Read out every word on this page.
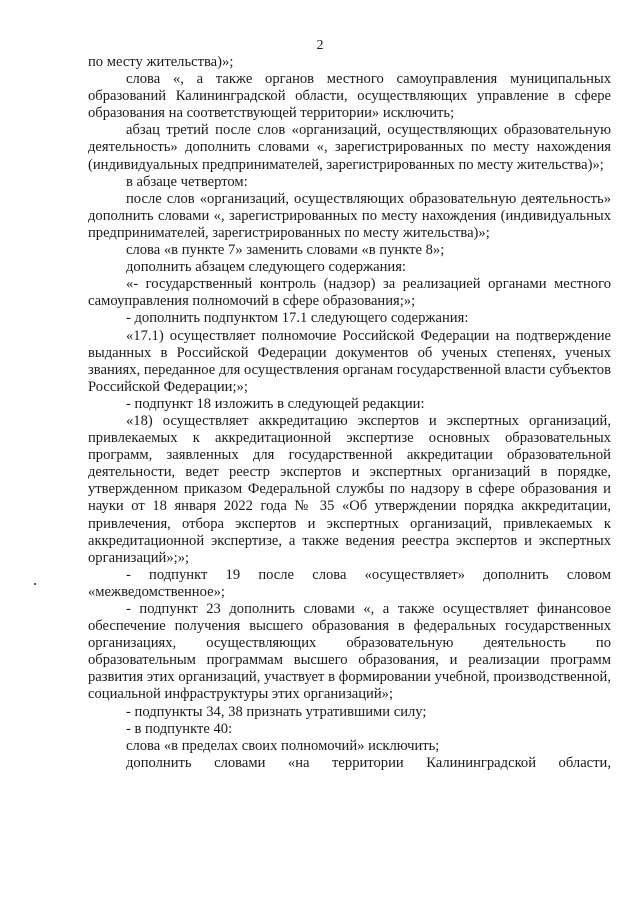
2

по месту жительства)»;

слова «, а также органов местного самоуправления муниципальных образований Калининградской области, осуществляющих управление в сфере образования на соответствующей территории» исключить;

абзац третий после слов «организаций, осуществляющих образовательную деятельность» дополнить словами «, зарегистрированных по месту нахождения (индивидуальных предпринимателей, зарегистрированных по месту жительства)»;

в абзаце четвертом:

после слов «организаций, осуществляющих образовательную деятельность» дополнить словами «, зарегистрированных по месту нахождения (индивидуальных предпринимателей, зарегистрированных по месту жительства)»;

слова «в пункте 7» заменить словами «в пункте 8»;

дополнить абзацем следующего содержания:

«- государственный контроль (надзор) за реализацией органами местного самоуправления полномочий в сфере образования;»;

- дополнить подпунктом 17.1 следующего содержания:

«17.1) осуществляет полномочие Российской Федерации на подтверждение выданных в Российской Федерации документов об ученых степенях, ученых званиях, переданное для осуществления органам государственной власти субъектов Российской Федерации;»;

- подпункт 18 изложить в следующей редакции:

«18) осуществляет аккредитацию экспертов и экспертных организаций, привлекаемых к аккредитационной экспертизе основных образовательных программ, заявленных для государственной аккредитации образовательной деятельности, ведет реестр экспертов и экспертных организаций в порядке, утвержденном приказом Федеральной службы по надзору в сфере образования и науки от 18 января 2022 года № 35 «Об утверждении порядка аккредитации, привлечения, отбора экспертов и экспертных организаций, привлекаемых к аккредитационной экспертизе, а также ведения реестра экспертов и экспертных организаций»;»;

- подпункт 19 после слова «осуществляет» дополнить словом «межведомственное»;

- подпункт 23 дополнить словами «, а также осуществляет финансовое обеспечение получения высшего образования в федеральных государственных организациях, осуществляющих образовательную деятельность по образовательным программам высшего образования, и реализации программ развития этих организаций, участвует в формировании учебной, производственной, социальной инфраструктуры этих организаций»;

- подпункты 34, 38 признать утратившими силу;

- в подпункте 40:

слова «в пределах своих полномочий» исключить;

дополнить словами «на территории Калининградской области,
